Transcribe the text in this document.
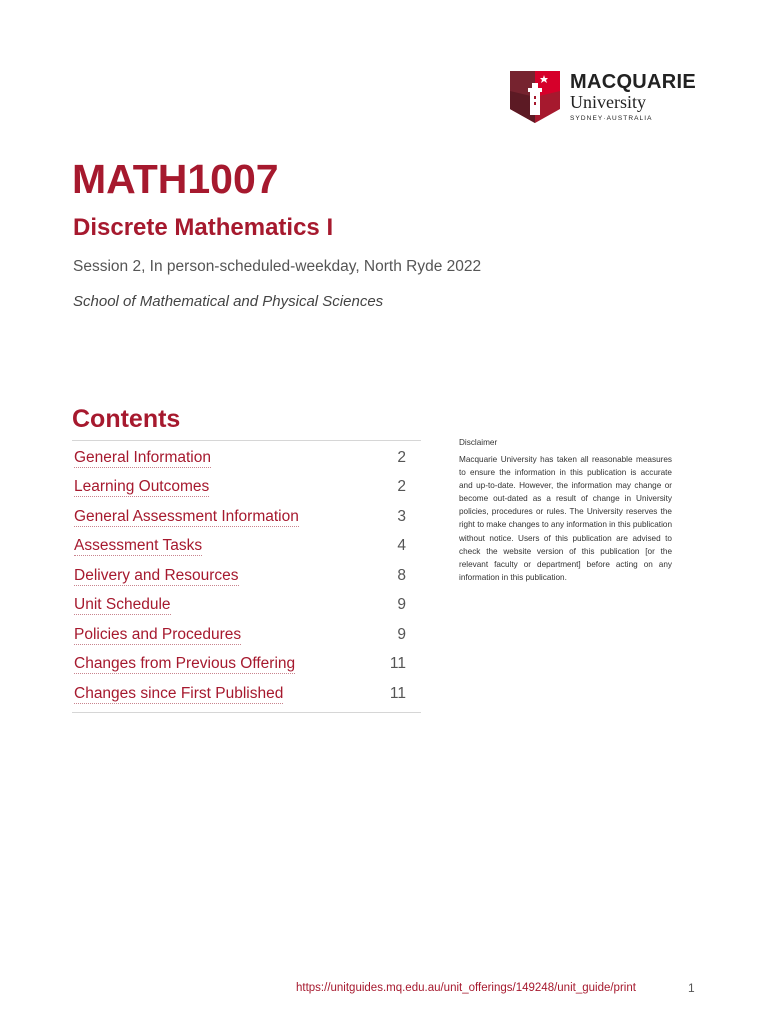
MACQUARIE
University
SYDNEY·AUSTRALIA
MATH1007
Discrete Mathematics I
Session 2, In person-scheduled-weekday, North Ryde 2022
School of Mathematical and Physical Sciences
Contents
General Information	2
Learning Outcomes	2
General Assessment Information	3
Assessment Tasks	4
Delivery and Resources	8
Unit Schedule	9
Policies and Procedures	9
Changes from Previous Offering	11
Changes since First Published	11
Disclaimer
Macquarie University has taken all reasonable measures to ensure the information in this publication is accurate and up-to-date. However, the information may change or become out-dated as a result of change in University policies, procedures or rules. The University reserves the right to make changes to any information in this publication without notice. Users of this publication are advised to check the website version of this publication [or the relevant faculty or department] before acting on any information in this publication.
https://unitguides.mq.edu.au/unit_offerings/149248/unit_guide/print	1
